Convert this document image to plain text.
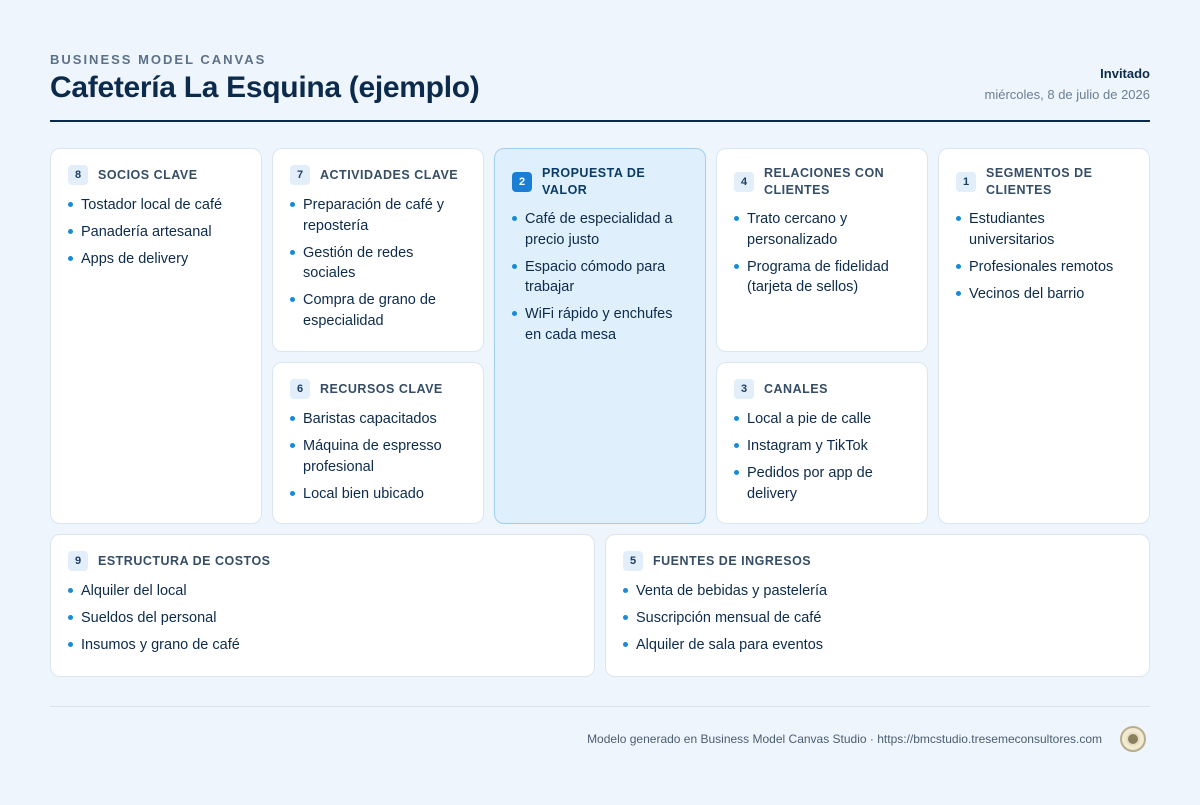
BUSINESS MODEL CANVAS
Cafetería La Esquina (ejemplo)	Invitado
miércoles, 8 de julio de 2026
8	SOCIOS CLAVE
Tostador local de café
Panadería artesanal
Apps de delivery
7	ACTIVIDADES CLAVE
Preparación de café y repostería
Gestión de redes sociales
Compra de grano de especialidad
6	RECURSOS CLAVE
Baristas capacitados
Máquina de espresso profesional
Local bien ubicado
2
PROPUESTA DE VALOR
Café de especialidad a precio justo
Espacio cómodo para trabajar
WiFi rápido y enchufes en cada mesa
4
RELACIONES CON CLIENTES
Trato cercano y personalizado
Programa de fidelidad (tarjeta de sellos)
3	CANALES
Local a pie de calle
Instagram y TikTok
Pedidos por app de delivery
1
SEGMENTOS DE CLIENTES
Estudiantes universitarios
Profesionales remotos
Vecinos del barrio
9	ESTRUCTURA DE COSTOS
Alquiler del local
Sueldos del personal
Insumos y grano de café
5	FUENTES DE INGRESOS
Venta de bebidas y pastelería
Suscripción mensual de café
Alquiler de sala para eventos
Modelo generado en Business Model Canvas Studio · https://bmcstudio.tresemeconsultores.com
